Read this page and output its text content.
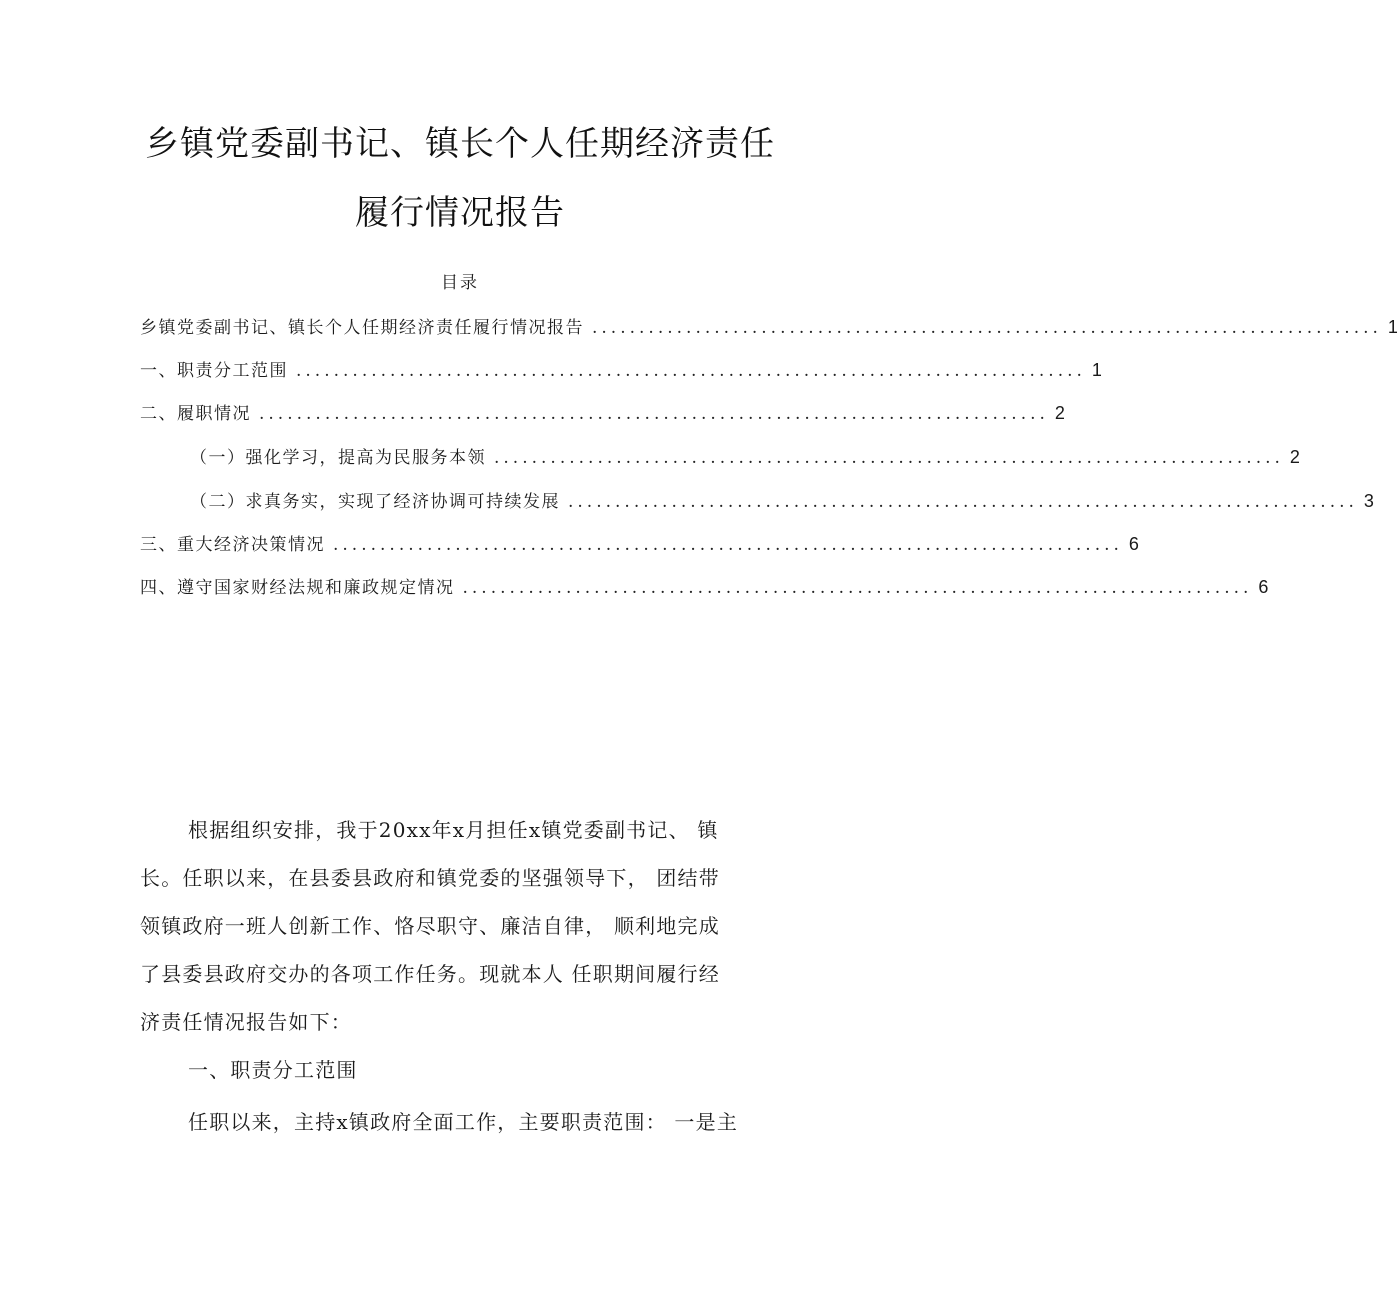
乡镇党委副书记、镇长个人任期经济责任
履行情况报告
目录
乡镇党委副书记、镇长个人任期经济责任履行情况报告 .................................................................................... 1
一、职责分工范围 .................................................................................... 1
二、履职情况 .................................................................................... 2
（一）强化学习，提高为民服务本领 .................................................................................... 2
（二）求真务实，实现了经济协调可持续发展 .................................................................................... 3
三、重大经济决策情况 .................................................................................... 6
四、遵守国家财经法规和廉政规定情况 .................................................................................... 6
根据组织安排，我于20xx年x月担任x镇党委副书记、 镇
长。任职以来，在县委县政府和镇党委的坚强领导下， 团结带
领镇政府一班人创新工作、恪尽职守、廉洁自律， 顺利地完成
了县委县政府交办的各项工作任务。现就本人 任职期间履行经
济责任情况报告如下：
一、职责分工范围
任职以来，主持x镇政府全面工作，主要职责范围： 一是主
